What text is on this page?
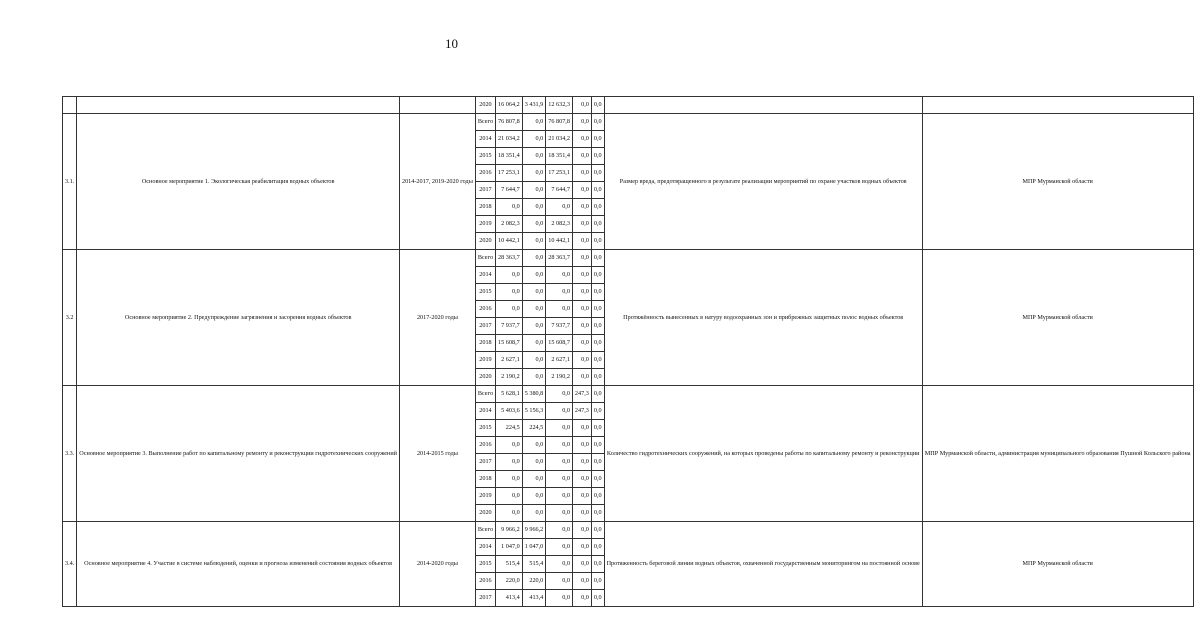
10
			2020	16 064,2	3 431,9	12 632,3	0,0	0,0		
3.1.	Основное мероприятие 1. Экологическая реабилитация водных объектов	2014-2017, 2019-2020 годы	Всего	76 807,8	0,0	76 807,8	0,0	0,0	Размер вреда, предотвращенного в результате реализации мероприятий по охране участков водных объектов	МПР Мурманской области
			2014	21 034,2	0,0	21 034,2	0,0	0,0		
			2015	18 351,4	0,0	18 351,4	0,0	0,0		
			2016	17 253,1	0,0	17 253,1	0,0	0,0		
			2017	7 644,7	0,0	7 644,7	0,0	0,0		
			2018	0,0	0,0	0,0	0,0	0,0		
			2019	2 082,3	0,0	2 082,3	0,0	0,0		
			2020	10 442,1	0,0	10 442,1	0,0	0,0		
3.2	Основное мероприятие 2. Предупреждение загрязнения и засорения водных объектов	2017-2020 годы	Всего	28 363,7	0,0	28 363,7	0,0	0,0	Протяжённость вынесенных в натуру водоохранных зон и прибрежных защитных полос водных объектов	МПР Мурманской области
			2014	0,0	0,0	0,0	0,0	0,0		
			2015	0,0	0,0	0,0	0,0	0,0		
			2016	0,0	0,0	0,0	0,0	0,0		
			2017	7 937,7	0,0	7 937,7	0,0	0,0		
			2018	15 608,7	0,0	15 608,7	0,0	0,0		
			2019	2 627,1	0,0	2 627,1	0,0	0,0		
			2020	2 190,2	0,0	2 190,2	0,0	0,0		
3.3.	Основное мероприятие 3. Выполнение работ по капитальному ремонту и реконструкции гидротехнических сооружений	2014-2015 годы	Всего	5 628,1	5 380,8	0,0	247,3	0,0	Количество гидротехнических сооружений, на которых проведены работы по капитальному ремонту и реконструкции	МПР Мурманской области, администрация муниципального образования Пушной Кольского района
			2014	5 403,6	5 156,3	0,0	247,3	0,0		
			2015	224,5	224,5	0,0	0,0	0,0		
			2016	0,0	0,0	0,0	0,0	0,0		
			2017	0,0	0,0	0,0	0,0	0,0		
			2018	0,0	0,0	0,0	0,0	0,0		
			2019	0,0	0,0	0,0	0,0	0,0		
			2020	0,0	0,0	0,0	0,0	0,0		
3.4.	Основное мероприятие 4. Участие в системе наблюдений, оценки и прогноза изменений состояния водных объектов	2014-2020 годы	Всего	9 966,2	9 966,2	0,0	0,0	0,0	Протяженность береговой линии водных объектов, охваченной государственным мониторингом на постоянной основе	МПР Мурманской области
			2014	1 047,0	1 047,0	0,0	0,0	0,0		
			2015	515,4	515,4	0,0	0,0	0,0		
			2016	220,0	220,0	0,0	0,0	0,0		
			2017	413,4	413,4	0,0	0,0	0,0		
